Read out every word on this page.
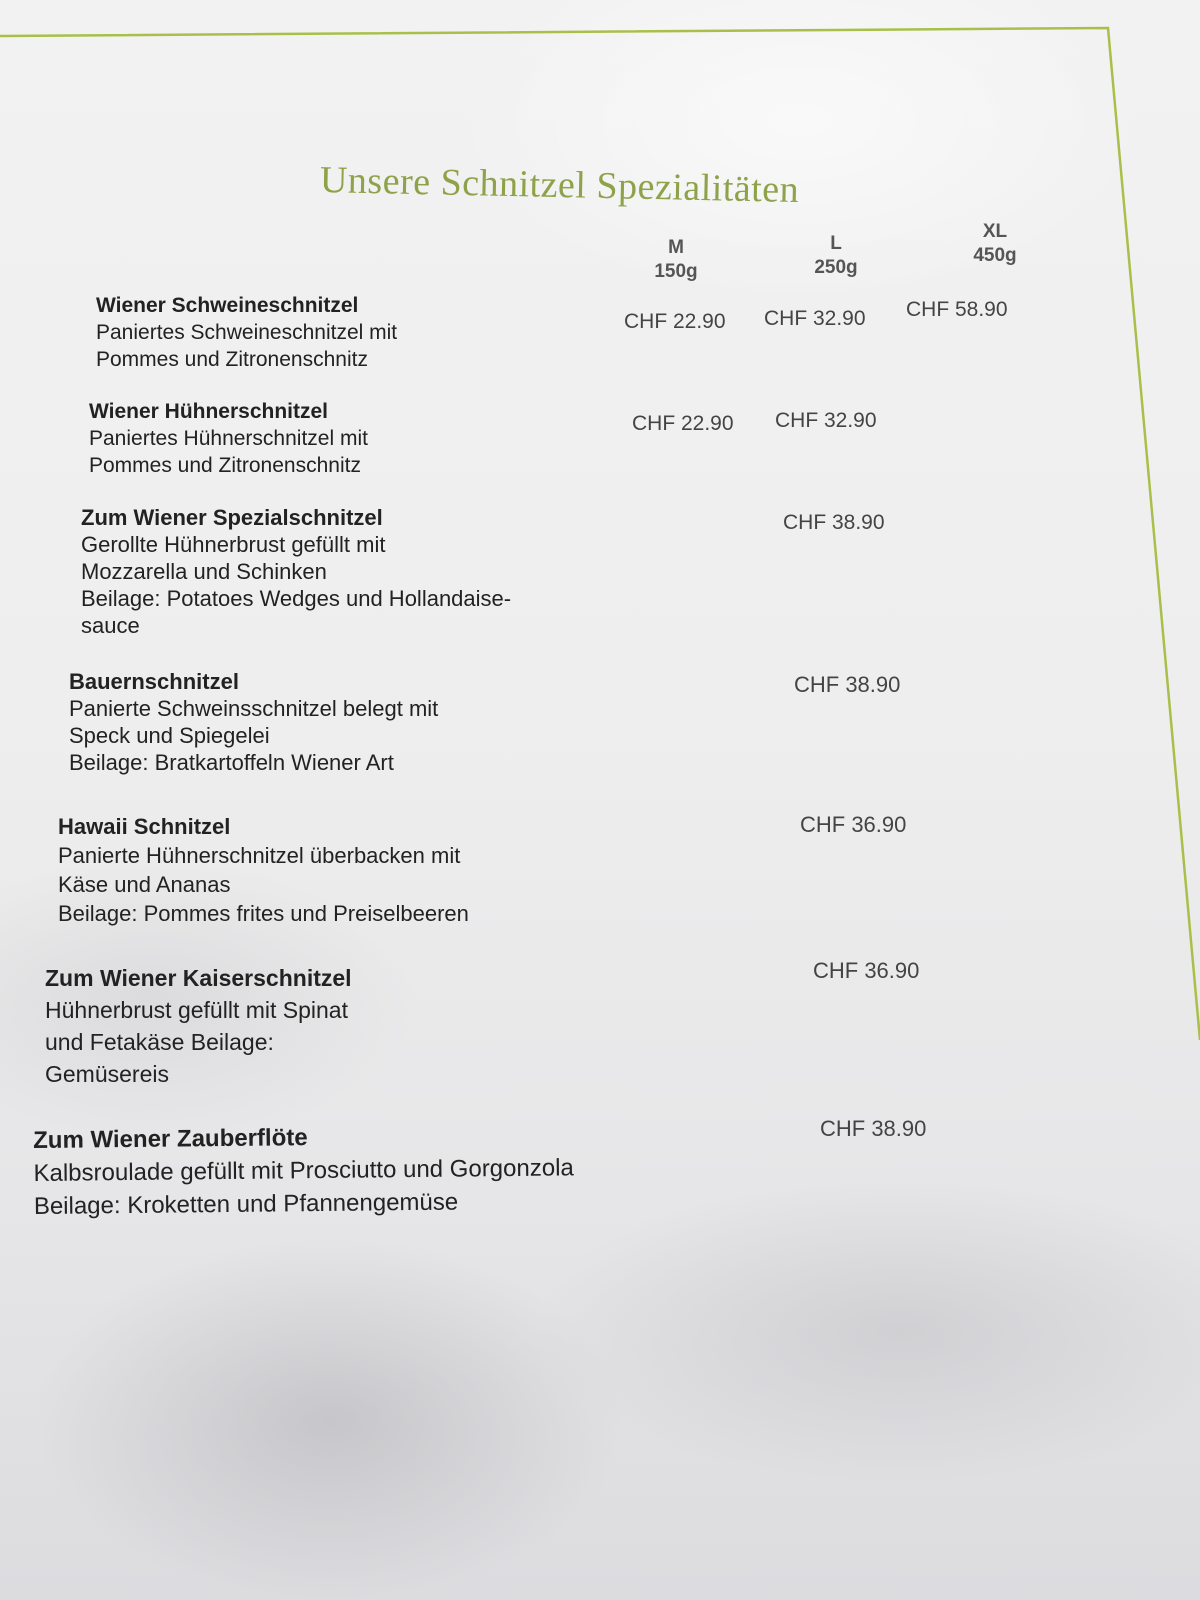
Unsere Schnitzel Spezialitäten
M
150g
L
250g
XL
450g
Wiener Schweineschnitzel
Paniertes Schweineschnitzel mit
Pommes und Zitronenschnitz
CHF 22.90 CHF 32.90 CHF 58.90
Wiener Hühnerschnitzel
Paniertes Hühnerschnitzel mit
Pommes und Zitronenschnitz
CHF 22.90 CHF 32.90
Zum Wiener Spezialschnitzel
Gerollte Hühnerbrust gefüllt mit
Mozzarella und Schinken
Beilage: Potatoes Wedges und Hollandaise-
sauce
CHF 38.90
Bauernschnitzel
Panierte Schweinsschnitzel belegt mit
Speck und Spiegelei
Beilage: Bratkartoffeln Wiener Art
CHF 38.90
Hawaii Schnitzel
Panierte Hühnerschnitzel überbacken mit
Käse und Ananas
Beilage: Pommes frites und Preiselbeeren
CHF 36.90
Zum Wiener Kaiserschnitzel
Hühnerbrust gefüllt mit Spinat
und Fetakäse Beilage:
Gemüsereis
CHF 36.90
Zum Wiener Zauberflöte
Kalbsroulade gefüllt mit Prosciutto und Gorgonzola
Beilage: Kroketten und Pfannengemüse
CHF 38.90
